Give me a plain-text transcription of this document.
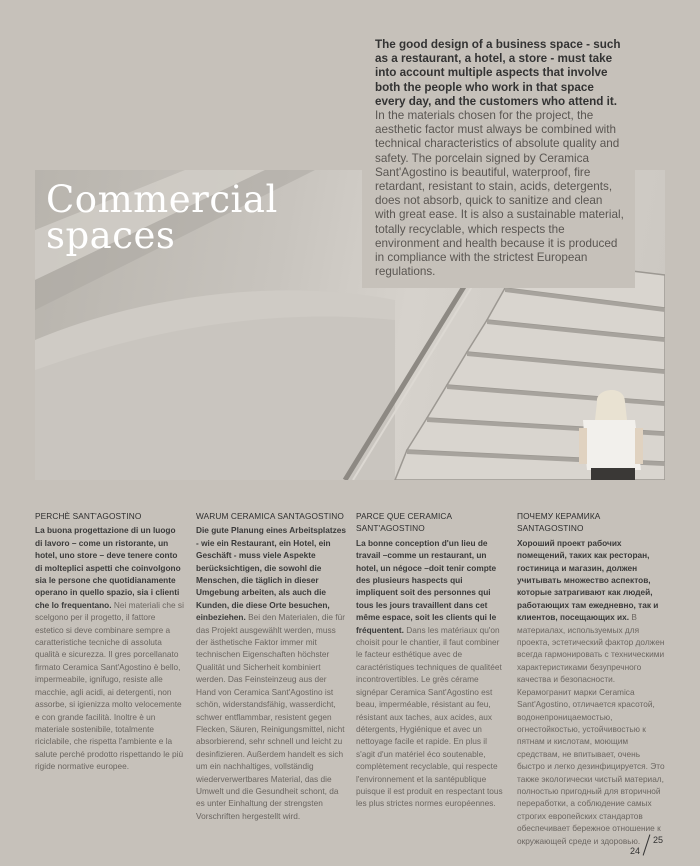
Commercial
spaces

The good design of a business space - such as a restaurant, a hotel, a store - must take into account multiple aspects that involve both the people who work in that space every day, and the customers who attend it. In the materials chosen for the project, the aesthetic factor must always be combined with technical characteristics of absolute quality and safety. The porcelain signed by Ceramica Sant'Agostino is beautiful, waterproof, fire retardant, resistant to stain, acids, detergents, does not absorb, quick to sanitize and clean with great ease. It is also a sustainable material, totally recyclable, which respects the environment and health because it is produced in compliance with the strictest European regulations.

PERCHÈ SANT'AGOSTINO
La buona progettazione di un luogo di lavoro – come un ristorante, un hotel, uno store – deve tenere conto di molteplici aspetti che coinvolgono sia le persone che quotidianamente operano in quello spazio, sia i clienti che lo frequentano. Nei materiali che si scelgono per il progetto, il fattore estetico si deve combinare sempre a caratteristiche tecniche di assoluta qualità e sicurezza. Il gres porcellanato firmato Ceramica Sant'Agostino è bello, impermeabile, ignifugo, resiste alle macchie, agli acidi, ai detergenti, non assorbe, si igienizza molto velocemente e con grande facilità. Inoltre è un materiale sostenibile, totalmente riciclabile, che rispetta l'ambiente e la salute perché prodotto rispettando le più rigide normative europee.
WARUM CERAMICA SANTAGOSTINO
Die gute Planung eines Arbeitsplatzes - wie ein Restaurant, ein Hotel, ein Geschäft - muss viele Aspekte berücksichtigen, die sowohl die Menschen, die täglich in dieser Umgebung arbeiten, als auch die Kunden, die diese Orte besuchen, einbeziehen. Bei den Materialen, die für das Projekt ausgewählt werden, muss der ästhetische Faktor immer mit technischen Eigenschaften höchster Qualität und Sicherheit kombiniert werden. Das Feinsteinzeug aus der Hand von Ceramica Sant'Agostino ist schön, widerstandsfähig, wasserdicht, schwer entflammbar, resistent gegen Flecken, Säuren, Reinigungsmittel, nicht absorbierend, sehr schnell und leicht zu desinfizieren. Außerdem handelt es sich um ein nachhaltiges, vollständig wiederverwertbares Material, das die Umwelt und die Gesundheit schont, da es unter Einhaltung der strengsten Vorschriften hergestellt wird.
PARCE QUE CERAMICA SANT'AGOSTINO
La bonne conception d'un lieu de travail –comme un restaurant, un hotel, un négoce –doit tenir compte des plusieurs haspects qui impliquent soit des personnes qui tous les jours travaillent dans cet même espace, soit les clients qui le fréquentent. Dans les matériaux qu'on choisit pour le chantier, il faut combiner le facteur esthétique avec de caractéristiques techniques de qualitéet incontrovertibles. Le grès cérame signépar Ceramica Sant'Agostino est beau, imperméable, résistant au feu, résistant aux taches, aux acides, aux détergents, Hygiénique et avec un nettoyage facile et rapide. En plus il s'agit d'un matériel éco soutenable, complètement recyclable, qui respecte l'environnement et la santépublique puisque il est produit en respectant tous les plus strictes normes européennes.
ПОЧЕМУ КЕРАМИКА SANTAGOSTINO
Хороший проект рабочих помещений, таких как ресторан, гостиница и магазин, должен учитывать множество аспектов, которые затрагивают как людей, работающих там ежедневно, так и клиентов, посещающих их. В материалах, используемых для проекта, эстетический фактор должен всегда гармонировать с техническими характеристиками безупречного качества и безопасности. Керамогранит марки Ceramica Sant'Agostino, отличается красотой, водонепроницаемостью, огнестойкостью, устойчивостью к пятнам и кислотам, моющим средствам, не впитывает, очень быстро и легко дезинфицируется. Это также экологически чистый материал, полностью пригодный для вторичной переработки, а соблюдение самых строгих европейских стандартов обеспечивает бережное отношение к окружающей среде и здоровью.
24
25
